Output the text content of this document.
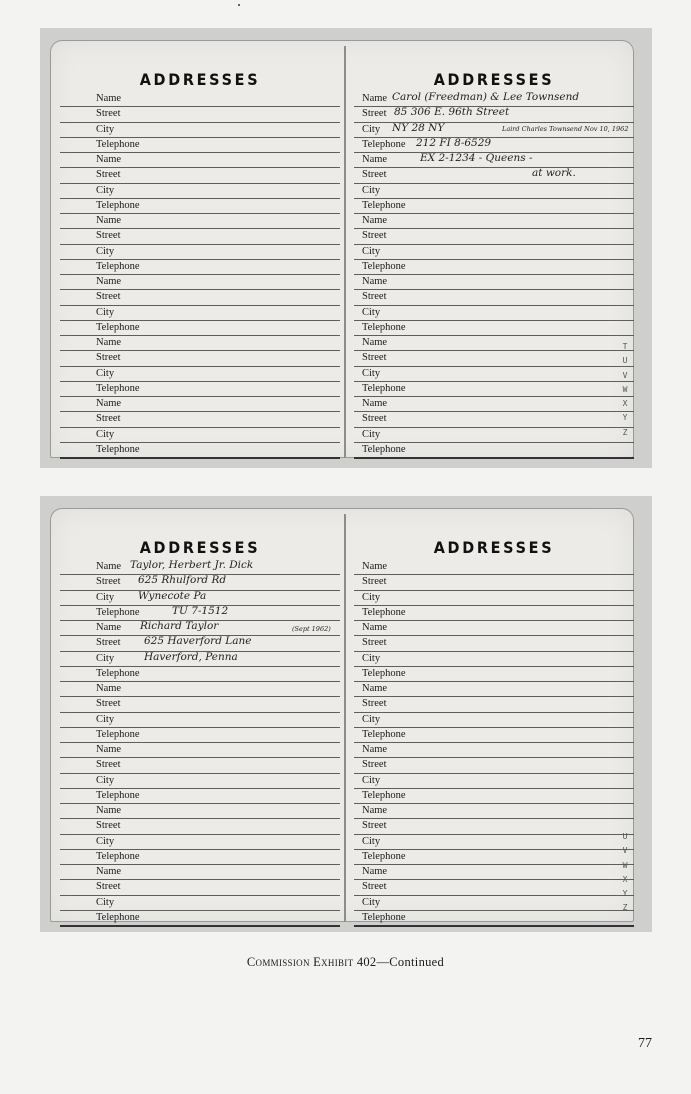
ADDRESSES
Name
Street
City
Telephone
Name
Street
City
Telephone
Name
Street
City
Telephone
Name
Street
City
Telephone
Name
Street
City
Telephone
Name
Street
City
Telephone
ADDRESSES
Name Carol (Freedman) & Lee Townsend
Street 85 306 E. 96th Street
City NY 28 NY	Laird Charles Townsend Nov 10, 1962
Telephone 212 FI 8-6529
Name	EX 2-1234 - Queens -
Street	at work.
City
Telephone
Name
Street
City
Telephone
Name
Street
City
Telephone
Name
Street
City
Telephone
Name
Street
City
Telephone
T
U
V
W
X
Y
Z
ADDRESSES
Name Taylor, Herbert Jr. Dick
Street 625 Rhulford Rd
City Wynecote Pa
Telephone	TU 7-1512
Name Richard Taylor	(Sept 1962)
Street 625 Haverford Lane
City	Haverford, Penna
Telephone
Name
Street
City
Telephone
Name
Street
City
Telephone
Name
Street
City
Telephone
Name
Street
City
Telephone
ADDRESSES
Name
Street
City
Telephone
Name
Street
City
Telephone
Name
Street
City
Telephone
Name
Street
City
Telephone
Name
Street
City
Telephone
Name
Street
City
Telephone
U
V
W
X
Y
Z
Commission Exhibit 402—Continued
77
